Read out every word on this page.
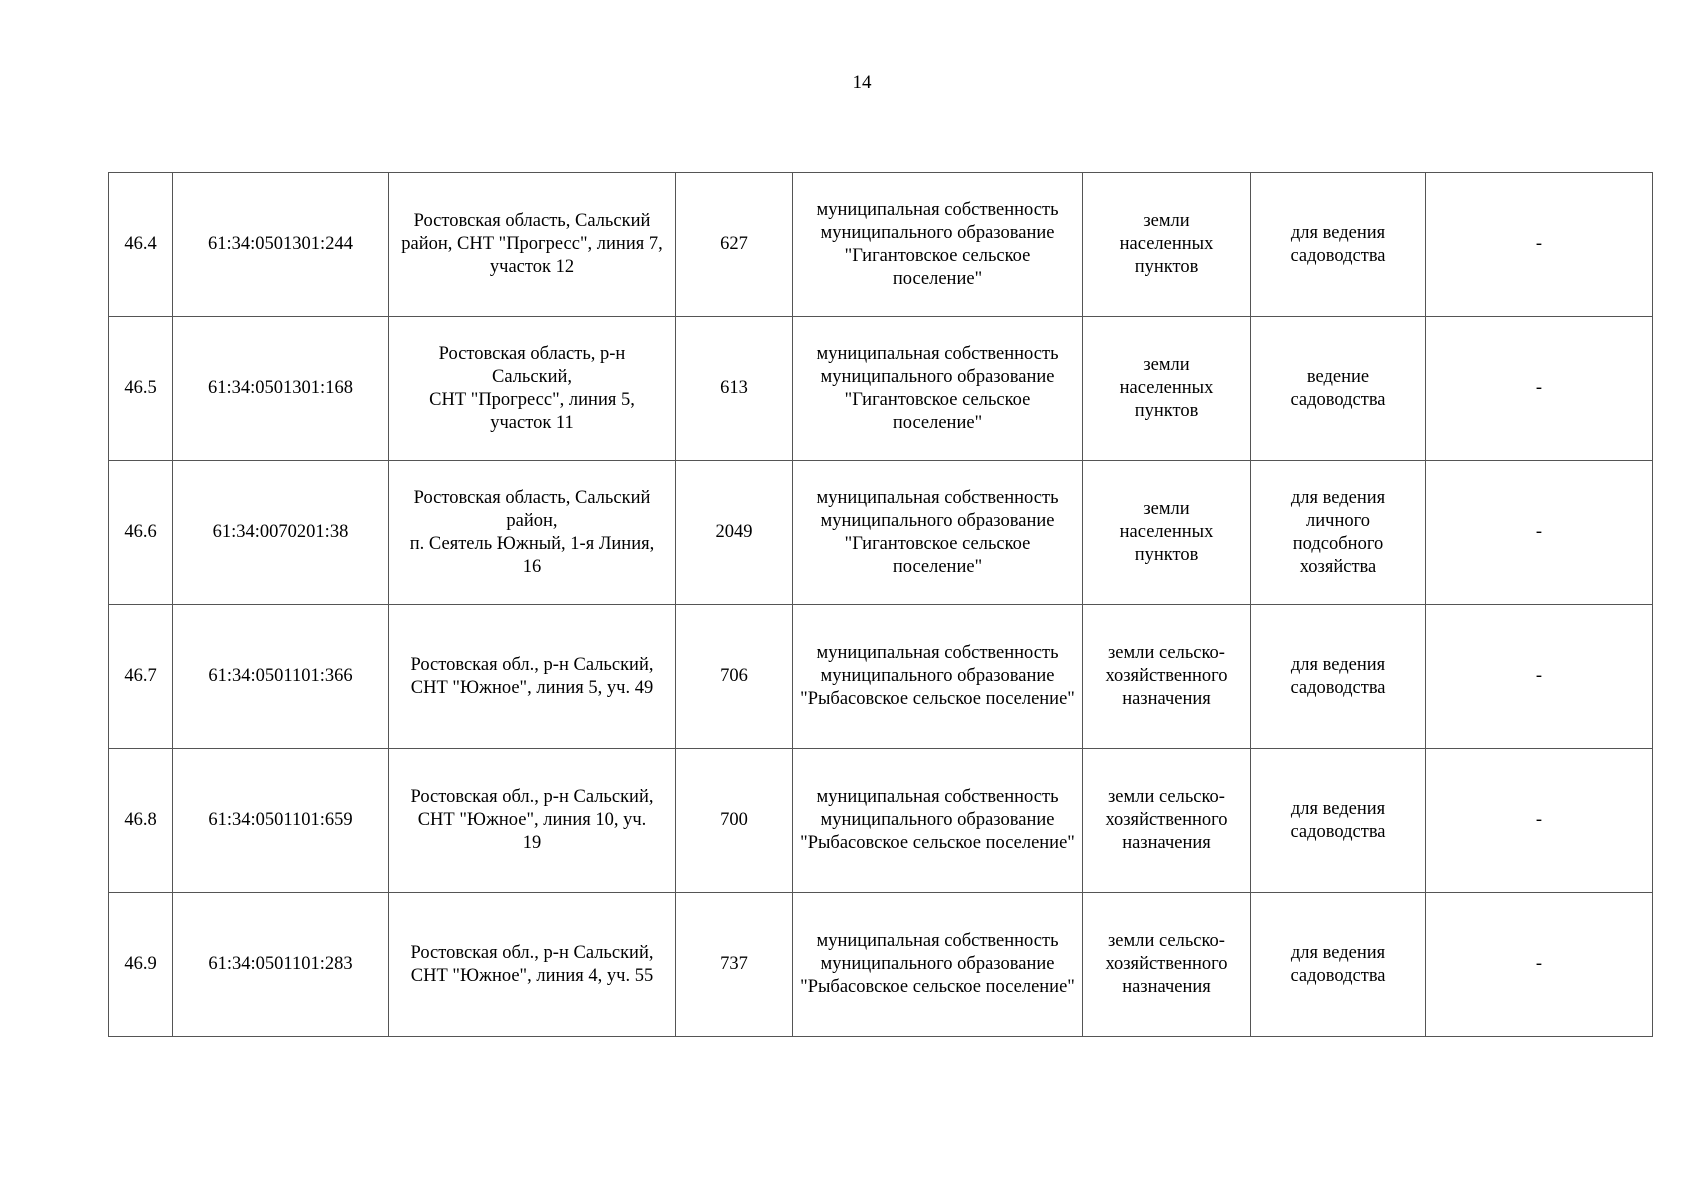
14
46.4	61:34:0501301:244	Ростовская область, Сальский район, СНТ "Прогресс", линия 7, участок 12	627	муниципальная собственность муниципального образование "Гигантовское сельское поселение"	земли
населенных
пунктов	для ведения
садоводства	-
46.5	61:34:0501301:168	Ростовская область, р-н
Сальский,
СНТ "Прогресс", линия 5,
участок 11	613	муниципальная собственность муниципального образование "Гигантовское сельское поселение"	земли
населенных
пунктов	ведение
садоводства	-
46.6	61:34:0070201:38	Ростовская область, Сальский
район,
п. Сеятель Южный, 1-я Линия,
16	2049	муниципальная собственность муниципального образование "Гигантовское сельское поселение"	земли
населенных
пунктов	для ведения
личного
подсобного
хозяйства	-
46.7	61:34:0501101:366	Ростовская обл., р-н Сальский,
СНТ "Южное", линия 5, уч. 49	706	муниципальная собственность муниципального образование "Рыбасовское сельское поселение"	земли сельско-
хозяйственного
назначения	для ведения
садоводства	-
46.8	61:34:0501101:659	Ростовская обл., р-н Сальский,
СНТ "Южное", линия 10, уч.
19	700	муниципальная собственность муниципального образование "Рыбасовское сельское поселение"	земли сельско-
хозяйственного
назначения	для ведения
садоводства	-
46.9	61:34:0501101:283	Ростовская обл., р-н Сальский,
СНТ "Южное", линия 4, уч. 55	737	муниципальная собственность муниципального образование "Рыбасовское сельское поселение"	земли сельско-
хозяйственного
назначения	для ведения
садоводства	-
